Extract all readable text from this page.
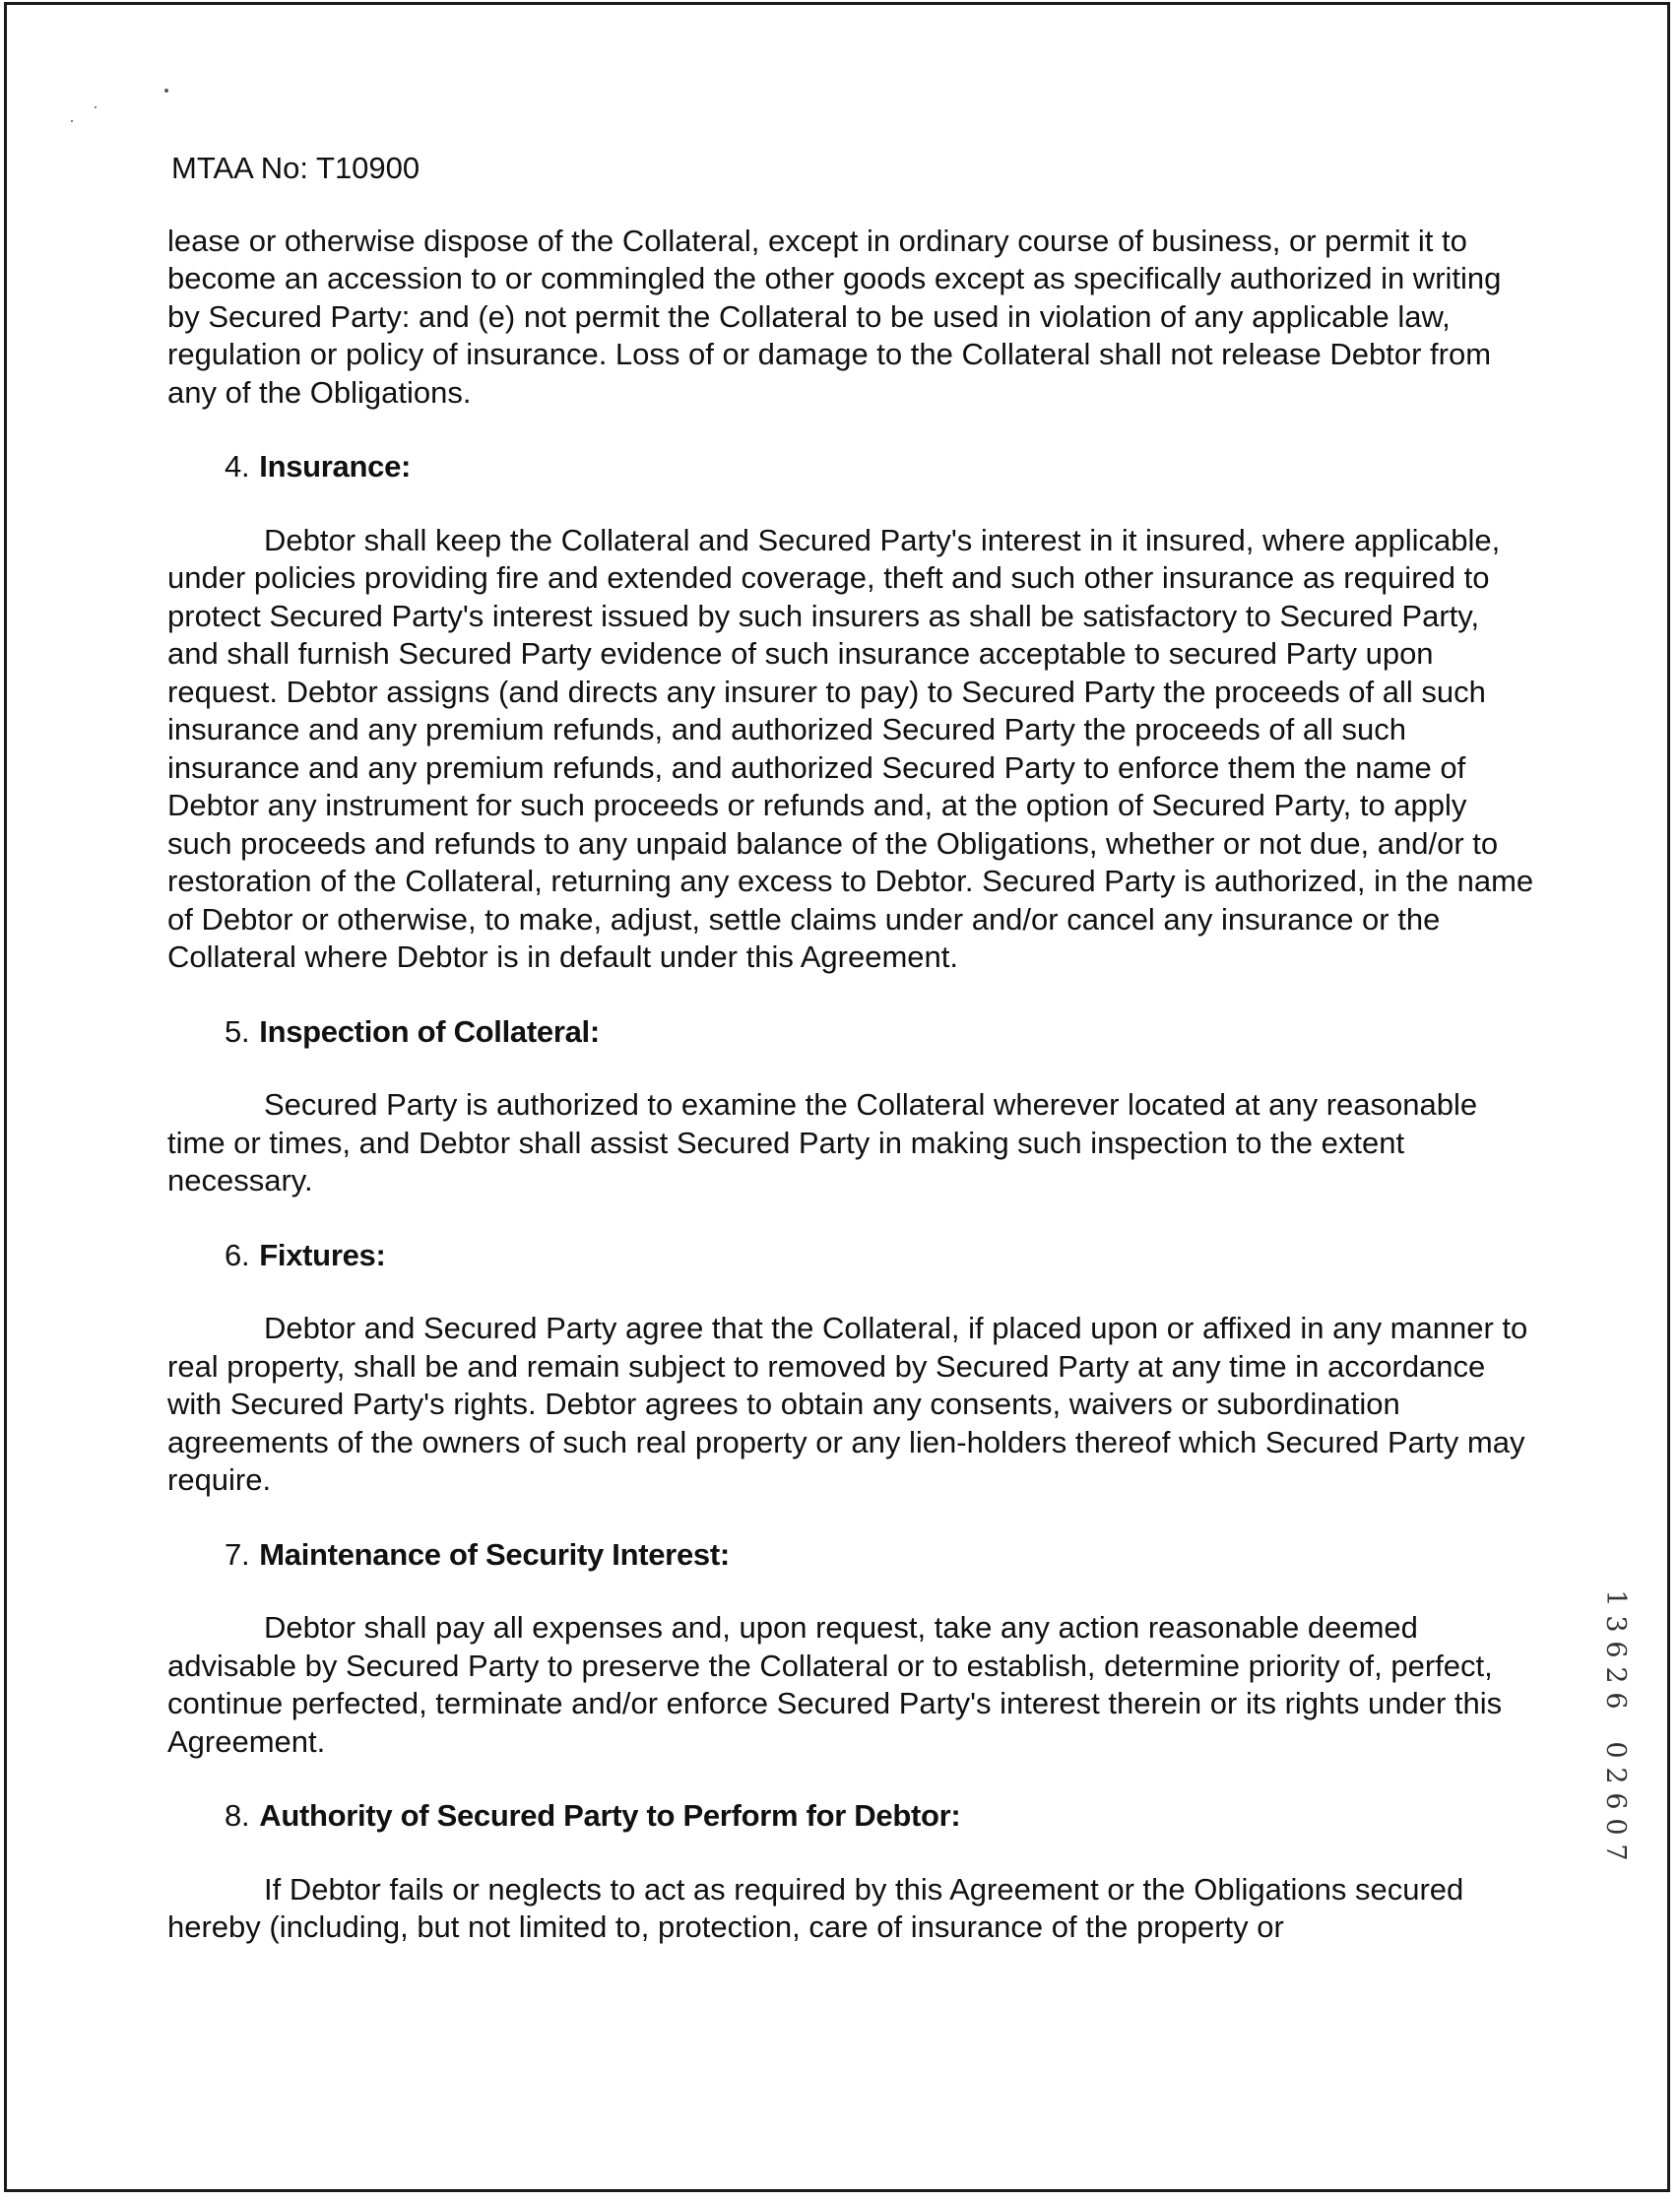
MTAA No: T10900

lease or otherwise dispose of the Collateral, except in ordinary course of business, or permit it to become an accession to or commingled the other goods except as specifically authorized in writing by Secured Party: and (e) not permit the Collateral to be used in violation of any applicable law, regulation or policy of insurance. Loss of or damage to the Collateral shall not release Debtor from any of the Obligations.

4. Insurance:

Debtor shall keep the Collateral and Secured Party's interest in it insured, where applicable, under policies providing fire and extended coverage, theft and such other insurance as required to protect Secured Party's interest issued by such insurers as shall be satisfactory to Secured Party, and shall furnish Secured Party evidence of such insurance acceptable to secured Party upon request. Debtor assigns (and directs any insurer to pay) to Secured Party the proceeds of all such insurance and any premium refunds, and authorized Secured Party the proceeds of all such insurance and any premium refunds, and authorized Secured Party to enforce them the name of Debtor any instrument for such proceeds or refunds and, at the option of Secured Party, to apply such proceeds and refunds to any unpaid balance of the Obligations, whether or not due, and/or to restoration of the Collateral, returning any excess to Debtor. Secured Party is authorized, in the name of Debtor or otherwise, to make, adjust, settle claims under and/or cancel any insurance or the Collateral where Debtor is in default under this Agreement.

5. Inspection of Collateral:

Secured Party is authorized to examine the Collateral wherever located at any reasonable time or times, and Debtor shall assist Secured Party in making such inspection to the extent necessary.

6. Fixtures:

Debtor and Secured Party agree that the Collateral, if placed upon or affixed in any manner to real property, shall be and remain subject to removed by Secured Party at any time in accordance with Secured Party's rights. Debtor agrees to obtain any consents, waivers or subordination agreements of the owners of such real property or any lien-holders thereof which Secured Party may require.

7. Maintenance of Security Interest:

Debtor shall pay all expenses and, upon request, take any action reasonable deemed advisable by Secured Party to preserve the Collateral or to establish, determine priority of, perfect, continue perfected, terminate and/or enforce Secured Party's interest therein or its rights under this Agreement.

8. Authority of Secured Party to Perform for Debtor:

If Debtor fails or neglects to act as required by this Agreement or the Obligations secured hereby (including, but not limited to, protection, care of insurance of the property or

1
3
6
2
6
0
2
6
0
7
